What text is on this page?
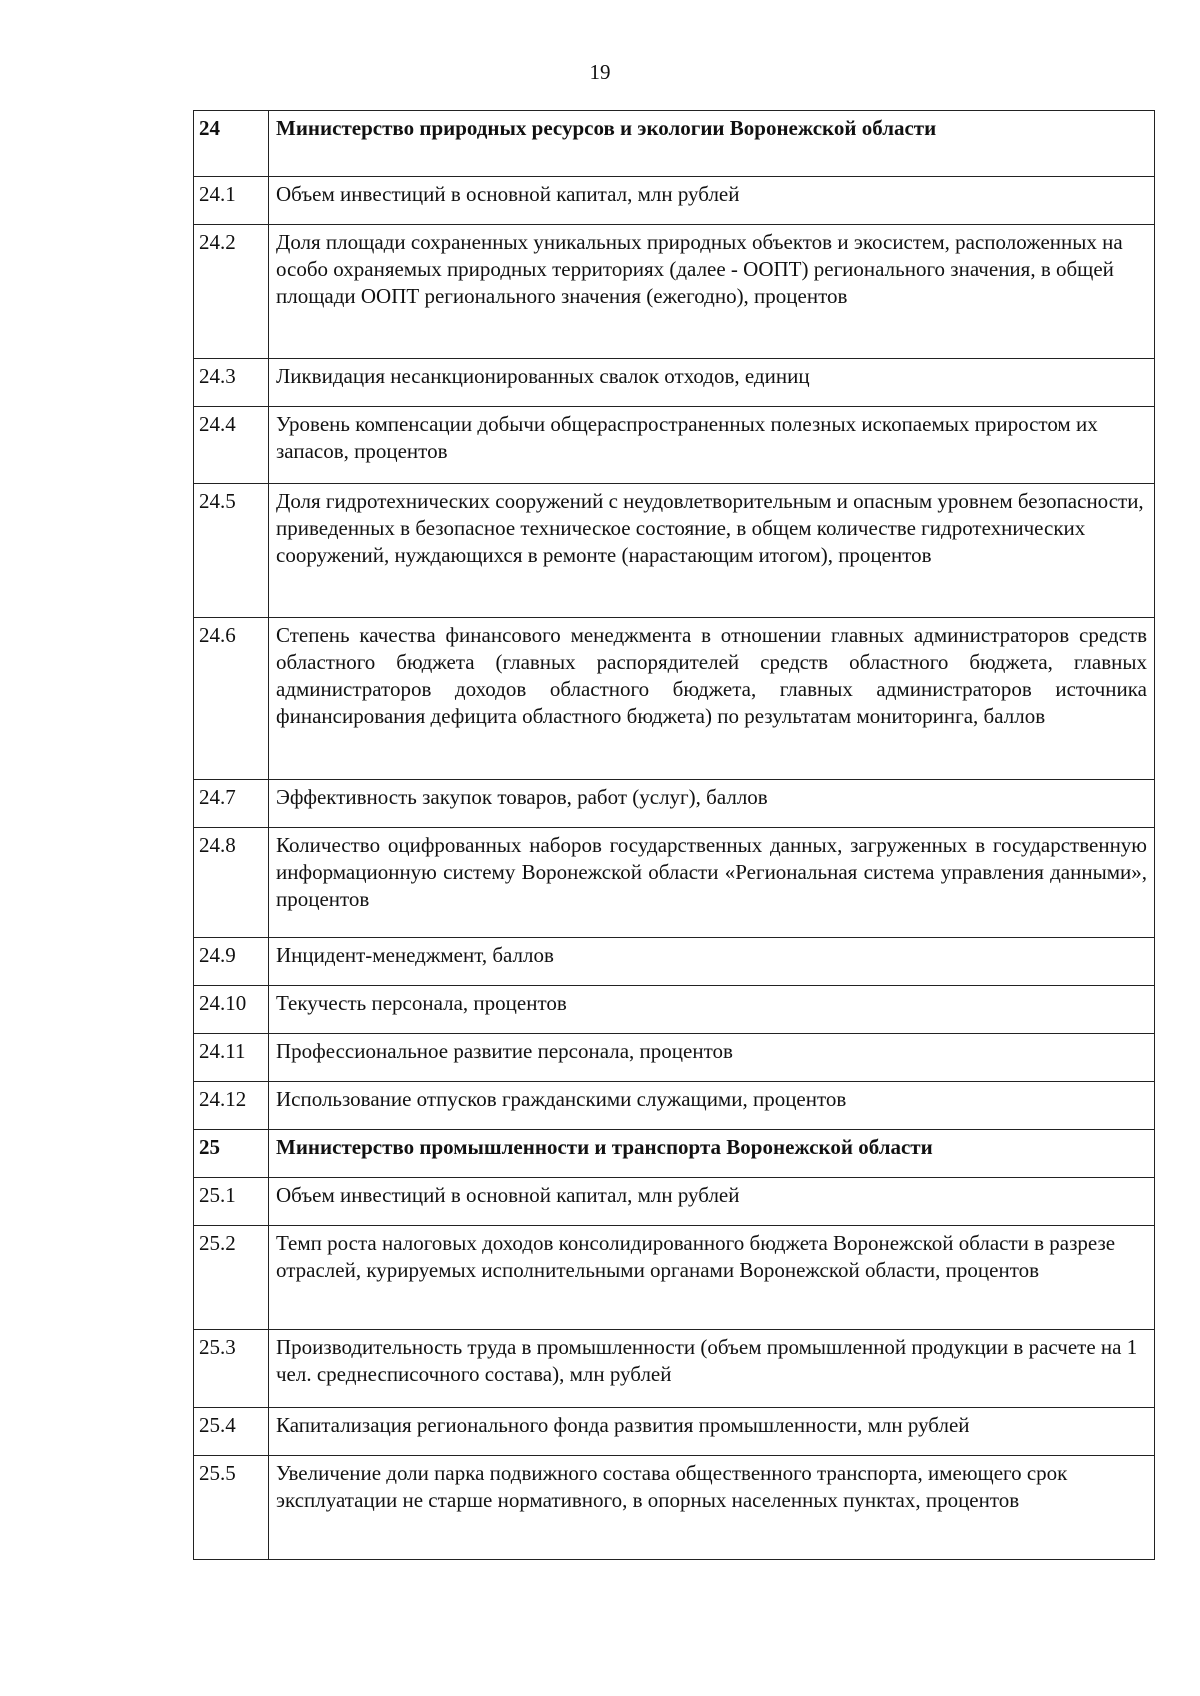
19
24	Министерство природных ресурсов и экологии Воронежской области
24.1	Объем инвестиций в основной капитал, млн рублей
24.2	Доля площади сохраненных уникальных природных объектов и экосистем, расположенных на особо охраняемых природных территориях (далее - ООПТ) регионального значения, в общей площади ООПТ регионального значения (ежегодно), процентов
24.3	Ликвидация несанкционированных свалок отходов, единиц
24.4	Уровень компенсации добычи общераспространенных полезных ископаемых приростом их запасов, процентов
24.5	Доля гидротехнических сооружений с неудовлетворительным и опасным уровнем безопасности, приведенных в безопасное техническое состояние, в общем количестве гидротехнических сооружений, нуждающихся в ремонте (нарастающим итогом), процентов
24.6	Степень качества финансового менеджмента в отношении главных администраторов средств областного бюджета (главных распорядителей средств областного бюджета, главных администраторов доходов областного бюджета, главных администраторов источника финансирования дефицита областного бюджета) по результатам мониторинга, баллов
24.7	Эффективность закупок товаров, работ (услуг), баллов
24.8	Количество оцифрованных наборов государственных данных, загруженных в государственную информационную систему Воронежской области «Региональная система управления данными», процентов
24.9	Инцидент-менеджмент, баллов
24.10	Текучесть персонала, процентов
24.11	Профессиональное развитие персонала, процентов
24.12	Использование отпусков гражданскими служащими, процентов
25	Министерство промышленности и транспорта Воронежской области
25.1	Объем инвестиций в основной капитал, млн рублей
25.2	Темп роста налоговых доходов консолидированного бюджета Воронежской области в разрезе отраслей, курируемых исполнительными органами Воронежской области, процентов
25.3	Производительность труда в промышленности (объем промышленной продукции в расчете на 1 чел. среднесписочного состава), млн рублей
25.4	Капитализация регионального фонда развития промышленности, млн рублей
25.5	Увеличение доли парка подвижного состава общественного транспорта, имеющего срок эксплуатации не старше нормативного, в опорных населенных пунктах, процентов
